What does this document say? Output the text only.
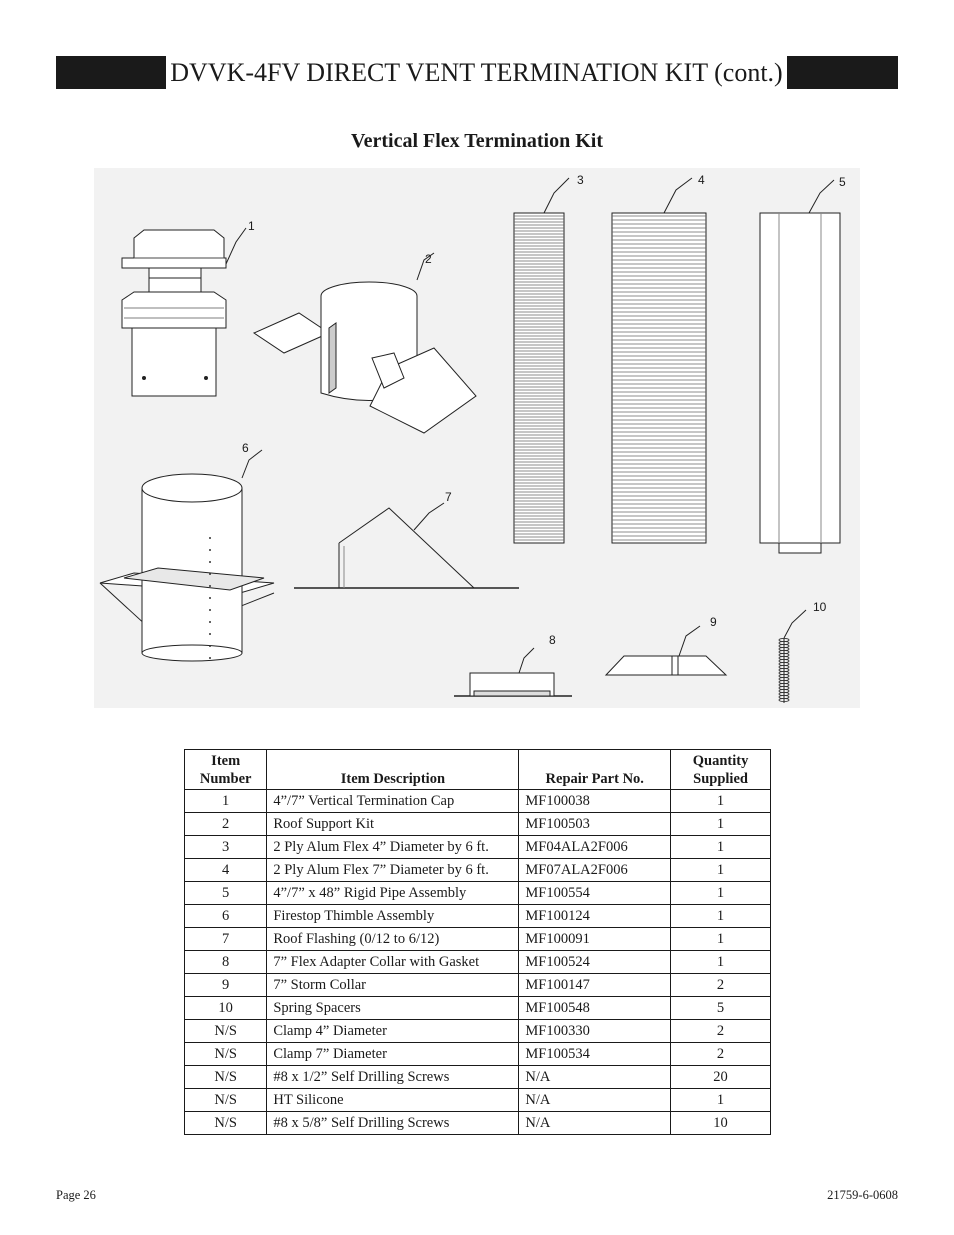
DVVK-4FV DIRECT VENT TERMINATION KIT (cont.)
Vertical Flex Termination Kit
1
2
3	4	5
6
7
8
9
10
Item
Number	Item Description	Repair Part No.	Quantity
Supplied
1	4”/7” Vertical Termination Cap	MF100038	1
2	Roof Support Kit	MF100503	1
3	2 Ply Alum Flex 4” Diameter by 6 ft.	MF04ALA2F006	1
4	2 Ply Alum Flex 7” Diameter by 6 ft.	MF07ALA2F006	1
5	4”/7” x 48” Rigid Pipe Assembly	MF100554	1
6	Firestop Thimble Assembly	MF100124	1
7	Roof Flashing (0/12 to 6/12)	MF100091	1
8	7” Flex Adapter Collar with Gasket	MF100524	1
9	7” Storm Collar	MF100147	2
10	Spring Spacers	MF100548	5
N/S	Clamp 4” Diameter	MF100330	2
N/S	Clamp 7” Diameter	MF100534	2
N/S	#8 x 1/2” Self Drilling Screws	N/A	20
N/S	HT Silicone	N/A	1
N/S	#8 x 5/8” Self Drilling Screws	N/A	10
Page 26	21759-6-0608
